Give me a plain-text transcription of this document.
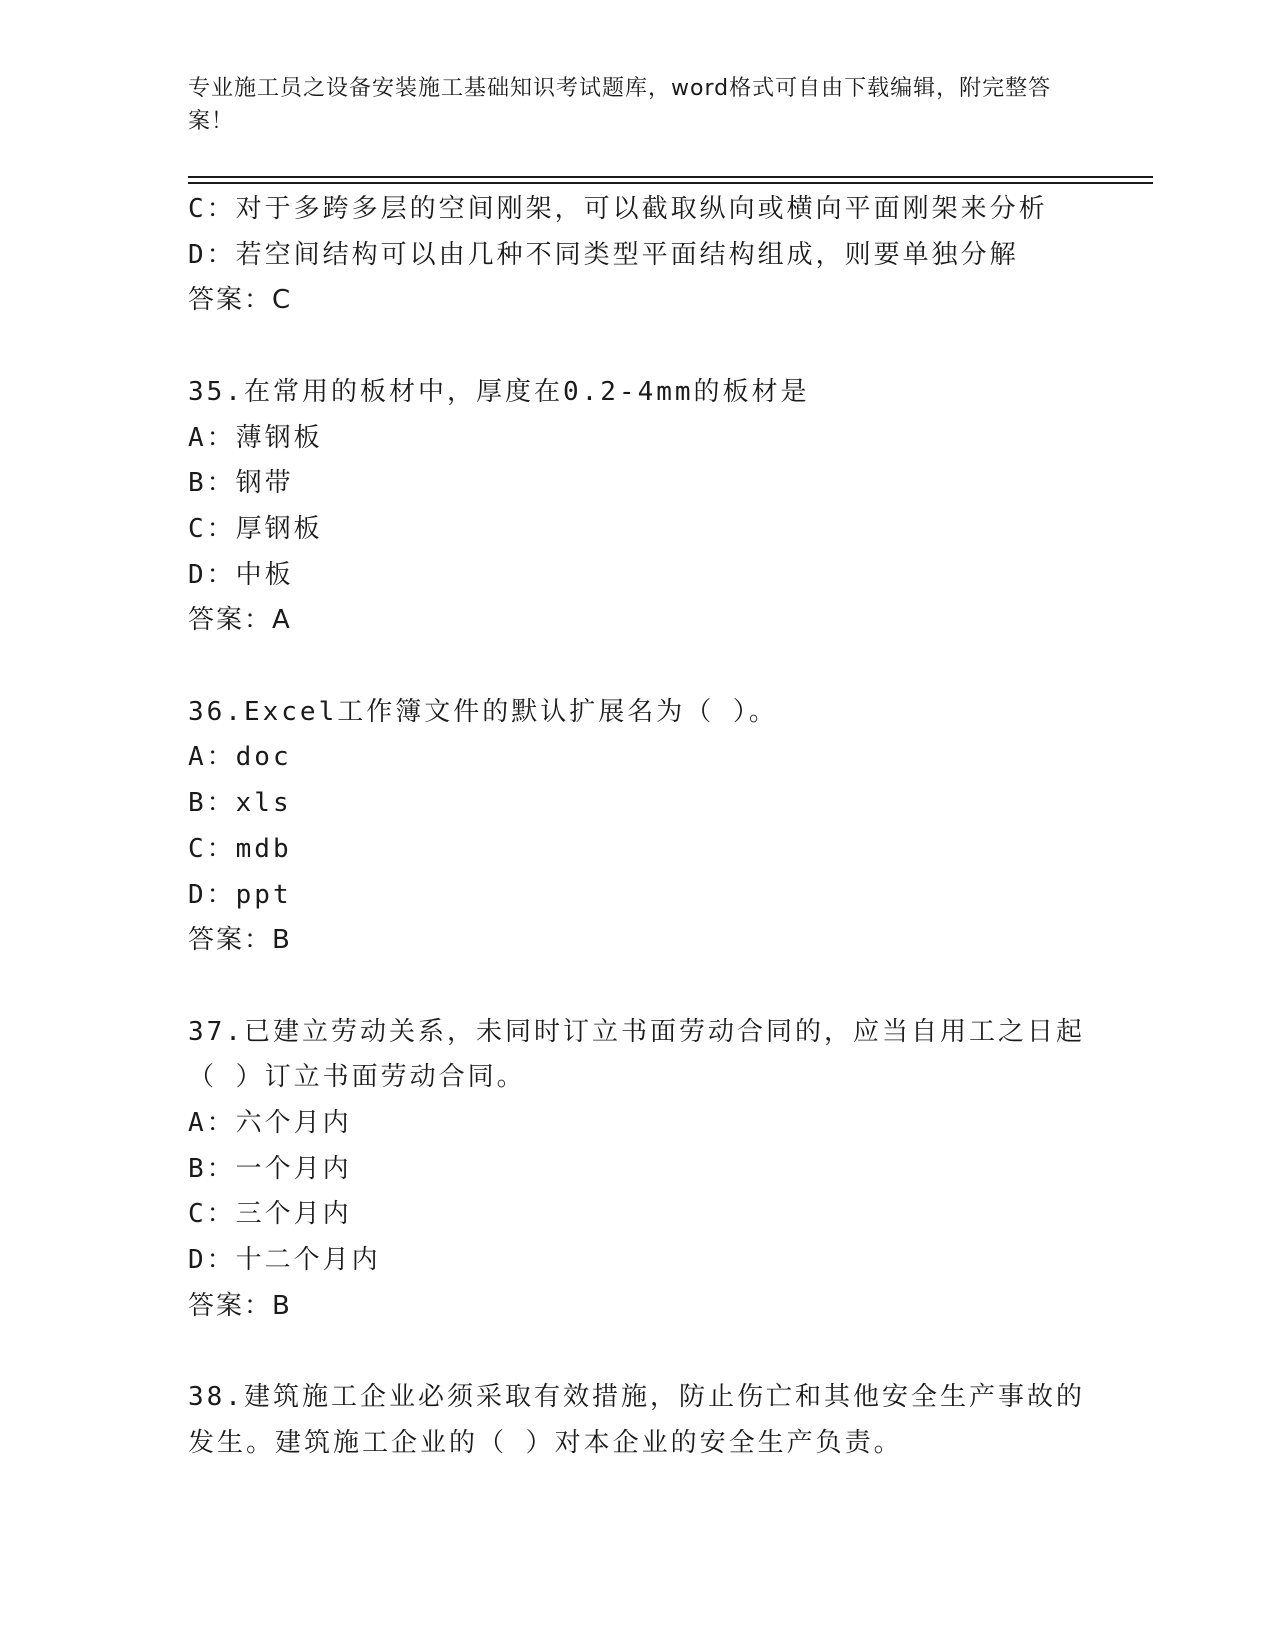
专业施工员之设备安装施工基础知识考试题库，word格式可自由下载编辑，附完整答案！
C：对于多跨多层的空间刚架，可以截取纵向或横向平面刚架来分析
D：若空间结构可以由几种不同类型平面结构组成，则要单独分解
答案：C
35.在常用的板材中，厚度在0.2-4mm的板材是
A：薄钢板
B：钢带
C：厚钢板
D：中板
答案：A
36.Excel工作簿文件的默认扩展名为（ ）。
A：doc
B：xls
C：mdb
D：ppt
答案：B
37.已建立劳动关系，未同时订立书面劳动合同的，应当自用工之日起
（ ）订立书面劳动合同。
A：六个月内
B：一个月内
C：三个月内
D：十二个月内
答案：B
38.建筑施工企业必须采取有效措施，防止伤亡和其他安全生产事故的
发生。建筑施工企业的（ ）对本企业的安全生产负责。
